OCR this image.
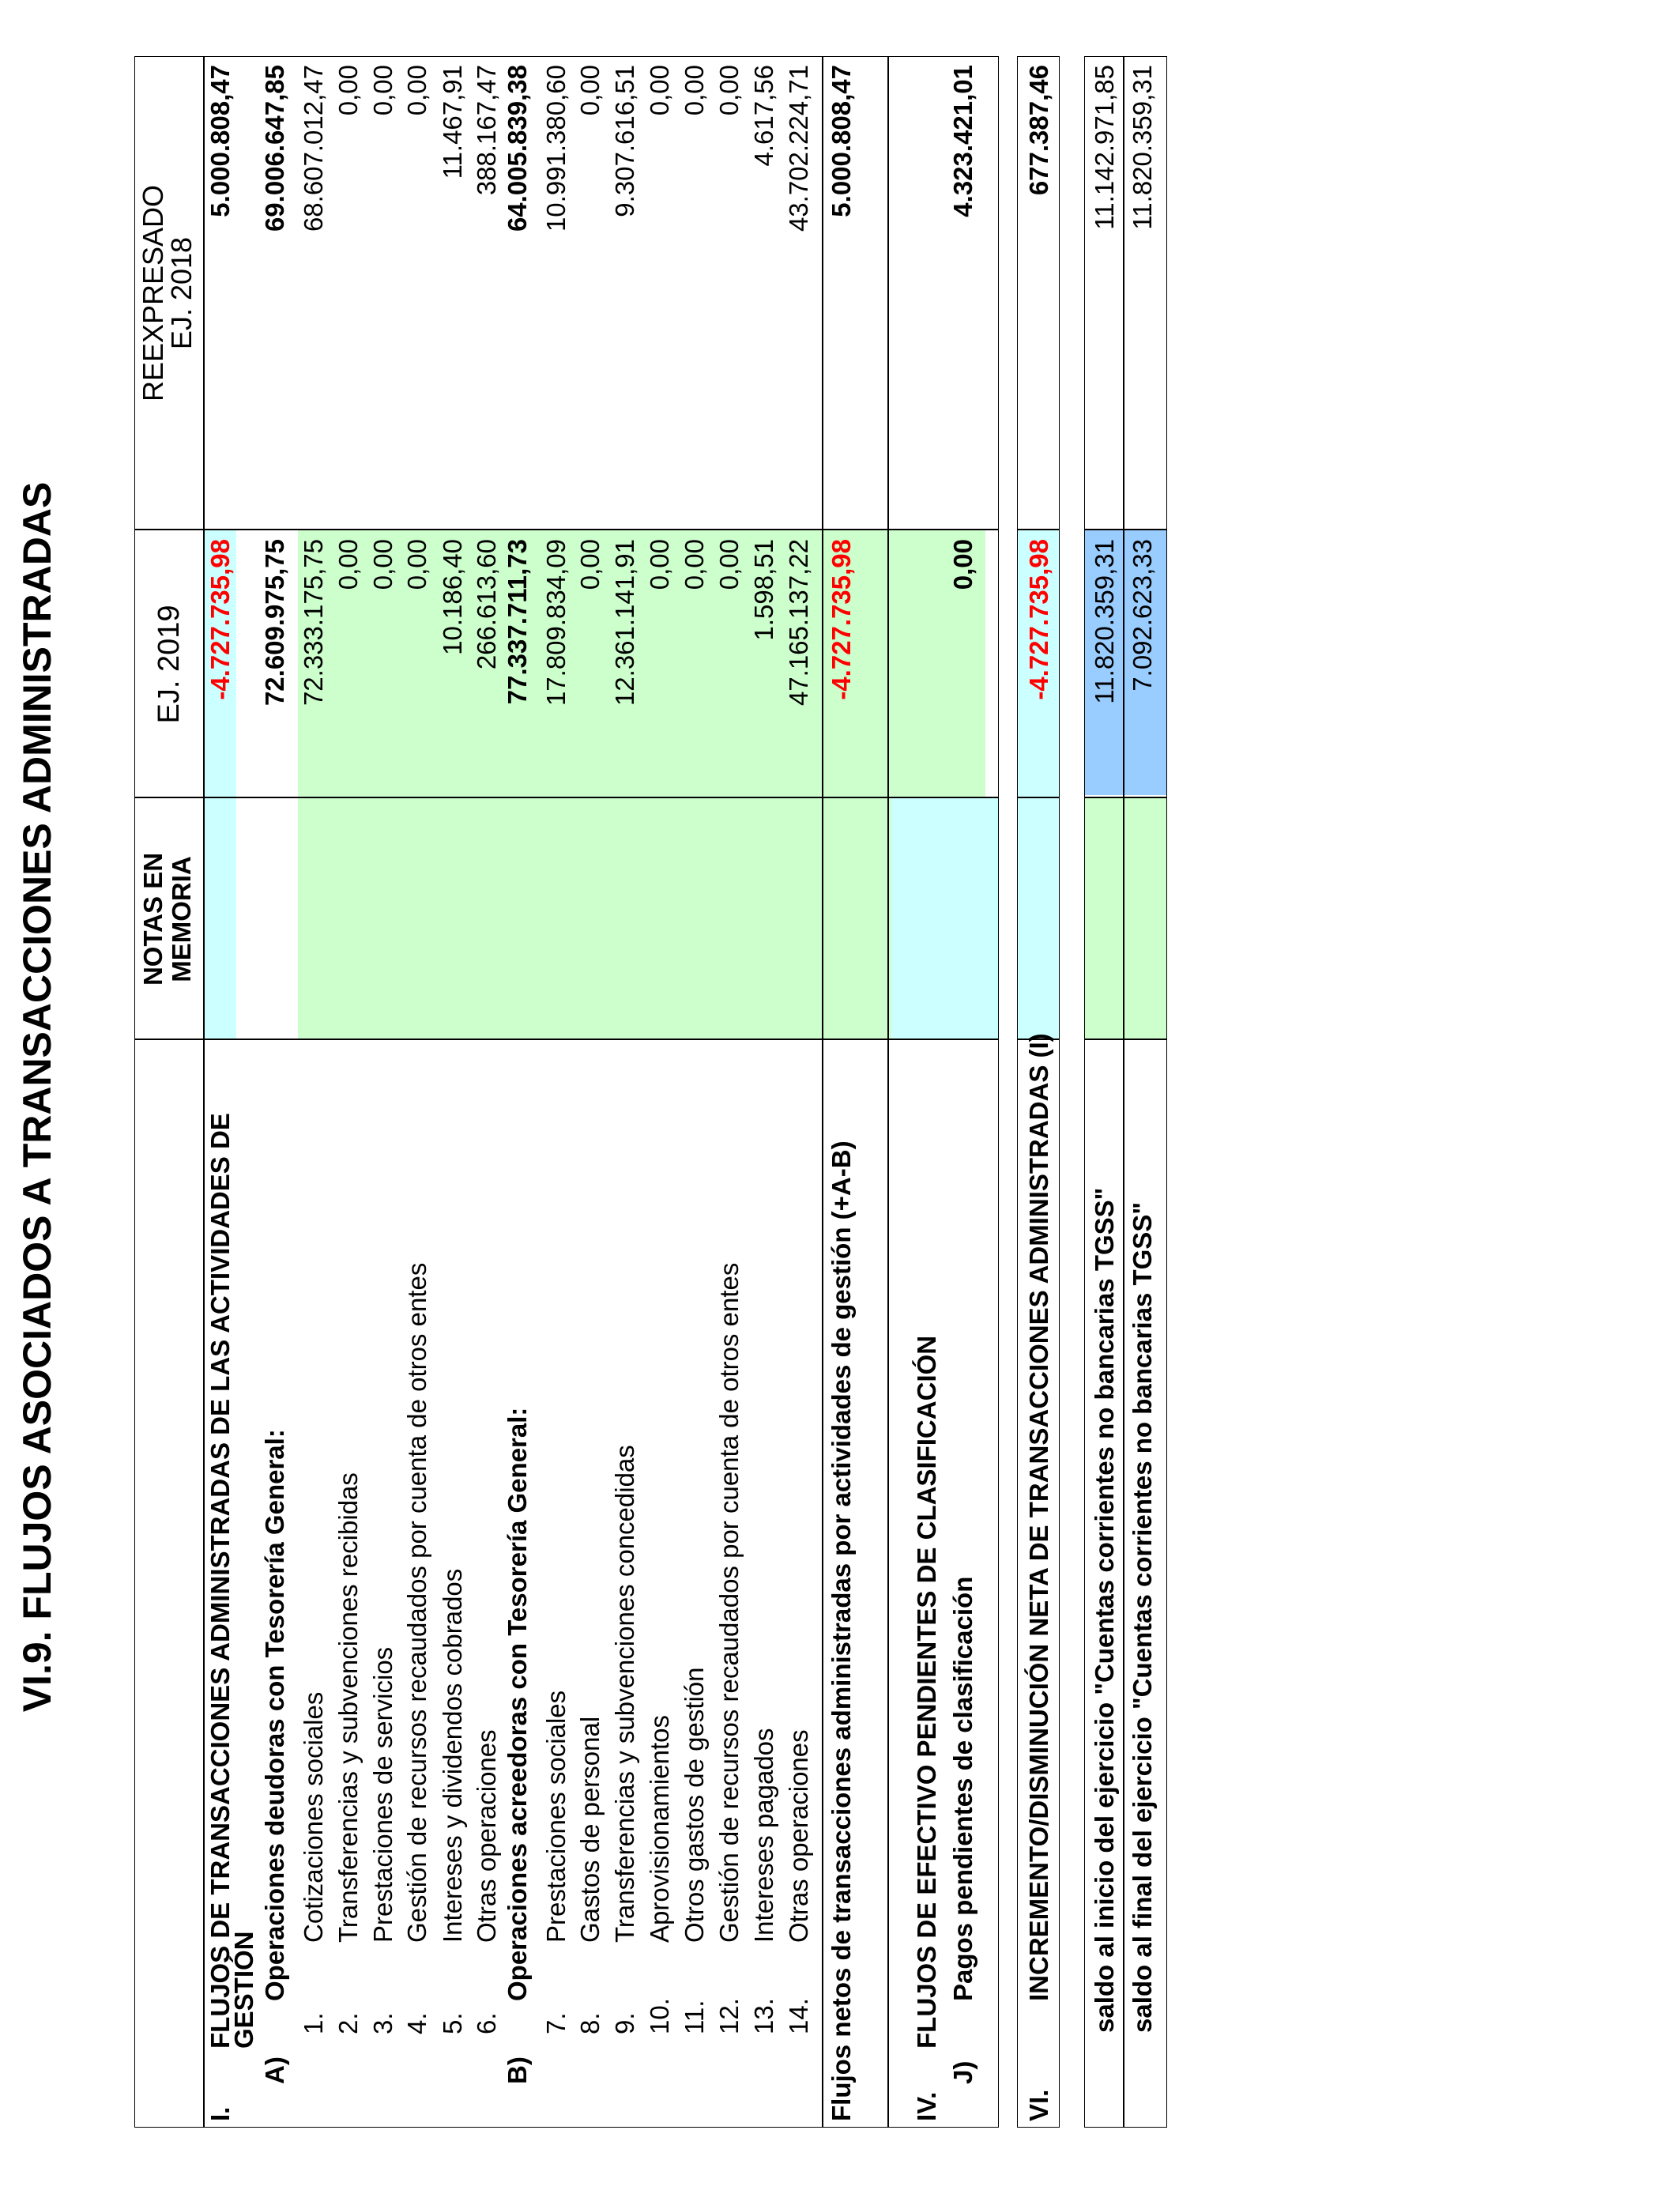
VI.9. FLUJOS ASOCIADOS A TRANSACCIONES ADMINISTRADAS	NOTAS EN MEMORIA
EJ. 2019
REEXPRESADO
EJ. 2018
I.
FLUJOS DE TRANSACCIONES ADMINISTRADAS DE LAS ACTIVIDADES DE
-4.727.735,98
5.000.808,47
GESTIÓN
A)
Operaciones deudoras con Tesorería General:
72.609.975,75
69.006.647,85
1.
Cotizaciones sociales
72.333.175,75
68.607.012,47
2.
Transferencias y subvenciones recibidas
0,00
0,00
3.
Prestaciones de servicios
0,00
0,00
4.
Gestión de recursos recaudados por cuenta de otros entes
0,00
0,00
5.
Intereses y dividendos cobrados
10.186,40
11.467,91
6.
Otras operaciones
266.613,60
388.167,47
B)
Operaciones acreedoras con Tesorería General:
77.337.711,73
64.005.839,38
7.
Prestaciones sociales
17.809.834,09
10.991.380,60
8.
Gastos de personal
0,00
0,00
9.
Transferencias y subvenciones concedidas
12.361.141,91
9.307.616,51
10.
Aprovisionamientos
0,00
0,00
11.
Otros gastos de gestión
0,00
0,00
12.
Gestión de recursos recaudados por cuenta de otros entes
0,00
0,00
13.
Intereses pagados
1.598,51
4.617,56
14.
Otras operaciones
47.165.137,22
43.702.224,71
Flujos netos de transacciones administradas por actividades de gestión (+A-B)
-4.727.735,98
5.000.808,47
IV.
FLUJOS DE EFECTIVO PENDIENTES DE CLASIFICACIÓN
J)
Pagos pendientes de clasificación
0,00
4.323.421,01
VI.
INCREMENTO/DISMINUCIÓN NETA DE TRANSACCIONES ADMINISTRADAS (I)
-4.727.735,98
677.387,46
saldo al inicio del ejercicio "Cuentas corrientes no bancarias TGSS"
11.820.359,31
11.142.971,85
saldo al final del ejercicio "Cuentas corrientes no bancarias TGSS"
7.092.623,33
11.820.359,31
